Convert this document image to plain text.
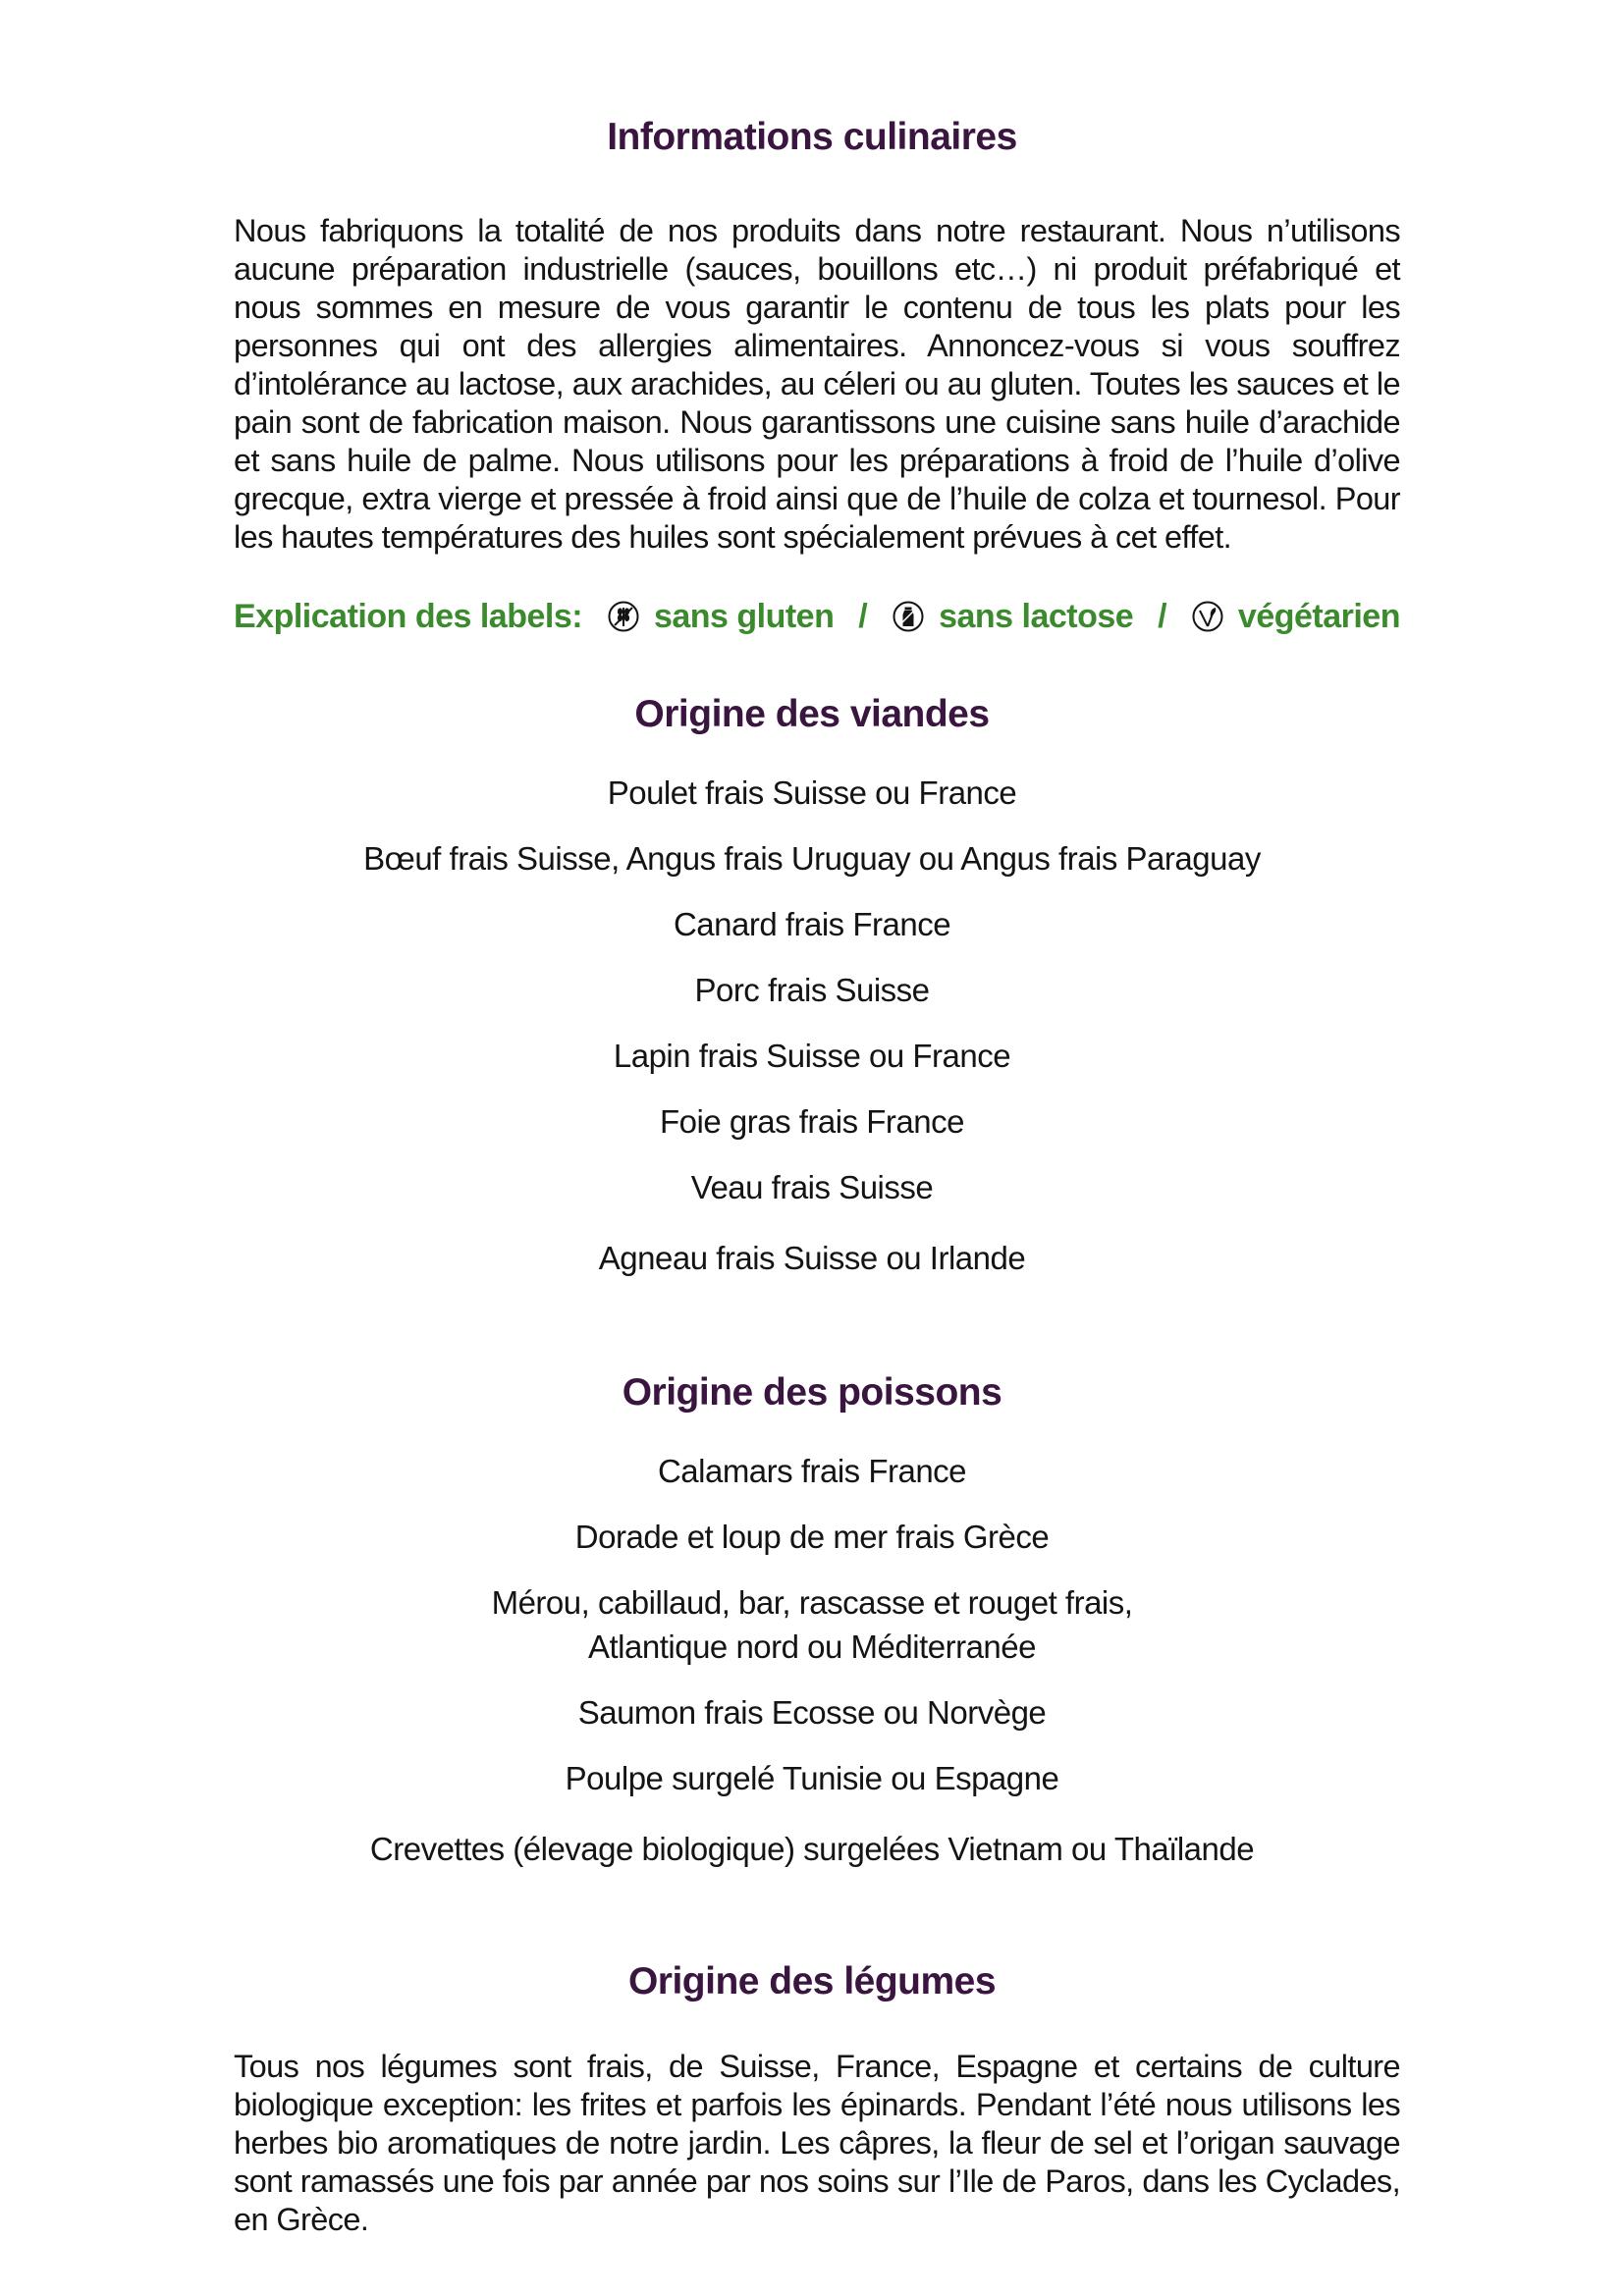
Informations culinaires

Nous fabriquons la totalité de nos produits dans notre restaurant. Nous n’utilisons aucune préparation industrielle (sauces, bouillons etc…) ni produit préfabriqué et nous sommes en mesure de vous garantir le contenu de tous les plats pour les personnes qui ont des allergies alimentaires. Annoncez-vous si vous souffrez d’intolérance au lactose, aux arachides, au céleri ou au gluten. Toutes les sauces et le pain sont de fabrication maison. Nous garantissons une cuisine sans huile d’arachide et sans huile de palme. Nous utilisons pour les préparations à froid de l’huile d’olive grecque, extra vierge et pressée à froid ainsi que de l’huile de colza et tournesol. Pour les hautes températures des huiles sont spécialement prévues à cet effet.

Explication des labels: sans gluten / sans lactose / végétarien
Origine des viandes
Poulet frais Suisse ou France
Bœuf frais Suisse, Angus frais Uruguay ou Angus frais Paraguay
Canard frais France
Porc frais Suisse
Lapin frais Suisse ou France
Foie gras frais France
Veau frais Suisse
Agneau frais Suisse ou Irlande
Origine des poissons
Calamars frais France
Dorade et loup de mer frais Grèce
Mérou, cabillaud, bar, rascasse et rouget frais,
Atlantique nord ou Méditerranée
Saumon frais Ecosse ou Norvège
Poulpe surgelé Tunisie ou Espagne
Crevettes (élevage biologique) surgelées Vietnam ou Thaïlande
Origine des légumes

Tous nos légumes sont frais, de Suisse, France, Espagne et certains de culture biologique exception: les frites et parfois les épinards. Pendant l’été nous utilisons les herbes bio aromatiques de notre jardin. Les câpres, la fleur de sel et l’origan sauvage sont ramassés une fois par année par nos soins sur l’Ile de Paros, dans les Cyclades, en Grèce.
